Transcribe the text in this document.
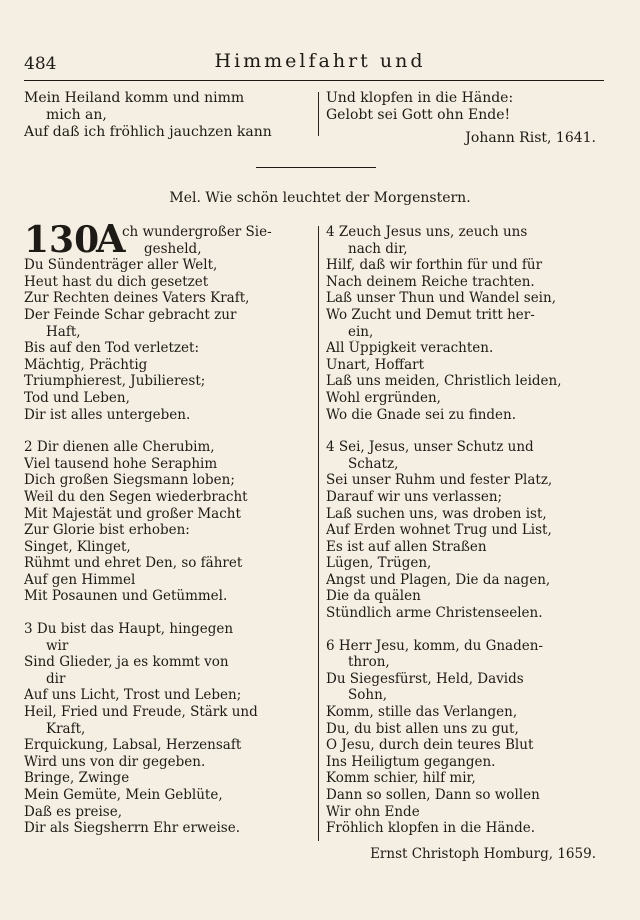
484	Himmelfahrt und
Mein Heiland komm und nimm
mich an,
Auf daß ich fröhlich jauchzen kann
Und klopfen in die Hände:
Gelobt sei Gott ohn Ende!
Johann Rist, 1641.
Mel. Wie schön leuchtet der Morgenstern.
130
A
ch wundergroßer Sie-
gesheld,
Du Sündenträger aller Welt,
Heut hast du dich gesetzet
Zur Rechten deines Vaters Kraft,
Der Feinde Schar gebracht zur
Haft,
Bis auf den Tod verletzet:
Mächtig, Prächtig
Triumphierest, Jubilierest;
Tod und Leben,
Dir ist alles untergeben.
2 Dir dienen alle Cherubim,
Viel tausend hohe Seraphim
Dich großen Siegsmann loben;
Weil du den Segen wiederbracht
Mit Majestät und großer Macht
Zur Glorie bist erhoben:
Singet, Klinget,
Rühmt und ehret Den, so fähret
Auf gen Himmel
Mit Posaunen und Getümmel.
3 Du bist das Haupt, hingegen
wir
Sind Glieder, ja es kommt von
dir
Auf uns Licht, Trost und Leben;
Heil, Fried und Freude, Stärk und
Kraft,
Erquickung, Labsal, Herzensaft
Wird uns von dir gegeben.
Bringe, Zwinge
Mein Gemüte, Mein Geblüte,
Daß es preise,
Dir als Siegsherrn Ehr erweise.
4 Zeuch Jesus uns, zeuch uns
nach dir,
Hilf, daß wir forthin für und für
Nach deinem Reiche trachten.
Laß unser Thun und Wandel sein,
Wo Zucht und Demut tritt her-
ein,
All Üppigkeit verachten.
Unart, Hoffart
Laß uns meiden, Christlich leiden,
Wohl ergründen,
Wo die Gnade sei zu finden.
4 Sei, Jesus, unser Schutz und
Schatz,
Sei unser Ruhm und fester Platz,
Darauf wir uns verlassen;
Laß suchen uns, was droben ist,
Auf Erden wohnet Trug und List,
Es ist auf allen Straßen
Lügen, Trügen,
Angst und Plagen, Die da nagen,
Die da quälen
Stündlich arme Christenseelen.
6 Herr Jesu, komm, du Gnaden-
thron,
Du Siegesfürst, Held, Davids
Sohn,
Komm, stille das Verlangen,
Du, du bist allen uns zu gut,
O Jesu, durch dein teures Blut
Ins Heiligtum gegangen.
Komm schier, hilf mir,
Dann so sollen, Dann so wollen
Wir ohn Ende
Fröhlich klopfen in die Hände.
Ernst Christoph Homburg, 1659.
